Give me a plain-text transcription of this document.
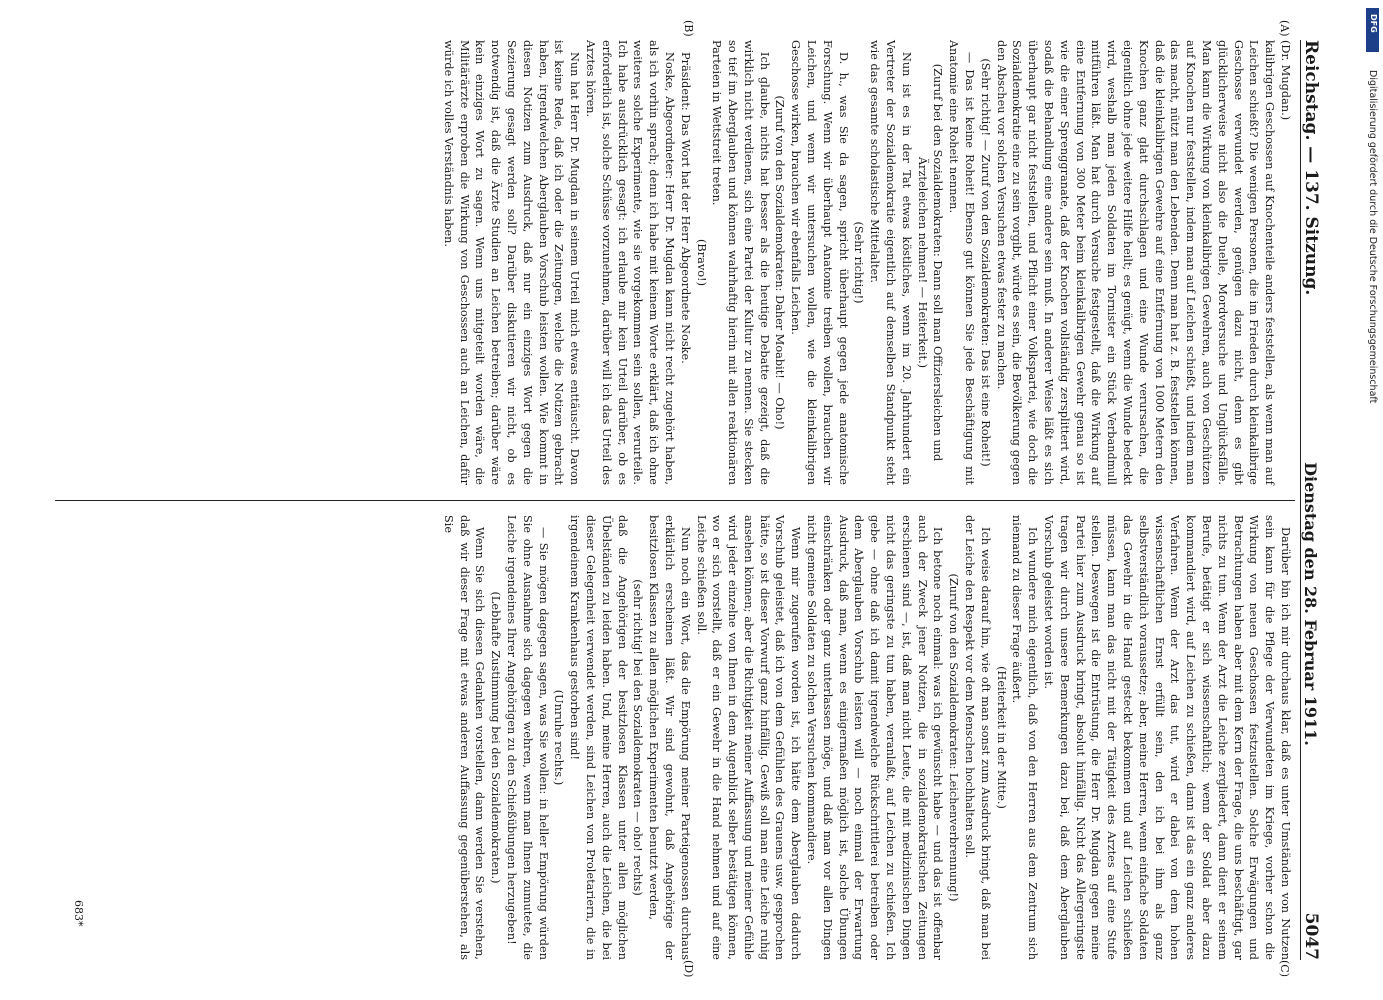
Reichstag. — 137. Sitzung.
Dienstag den 28. Februar 1911.
5047
(A)
(B)
(C)
(D)

(Dr. Mugdan.)

kalibrigen Geschossen auf Knochenteile anders feststellen, als wenn man auf Leichen schießt? Die wenigen Personen, die im Frieden durch kleinkalibrige Geschosse verwundet werden, genügen dazu nicht, denn es gibt glücklicherweise nicht also die Duelle, Mordversuche und Unglücksfälle. Man kann die Wirkung von kleinkalibrigen Gewehren, auch von Geschützen auf Knochen nur feststellen, indem man auf Leichen schießt, und indem man das macht, nützt man den Lebenden. Denn man hat z. B. feststellen können, daß die kleinkalibrigen Gewehre auf eine Entfernung von 1000 Metern den Knochen ganz glatt durchschlagen und eine Wunde verursachen, die eigentlich ohne jede weitere Hilfe heilt; es genügt, wenn die Wunde bedeckt wird, weshalb man jeden Soldaten im Tornister ein Stück Verbandmull mitführen läßt. Man hat durch Versuche festgestellt, daß die Wirkung auf eine Entfernung von 300 Meter beim kleinkalibrigen Gewehr genau so ist wie die einer Sprenggranate, daß der Knochen vollständig zersplittert wird, sodaß die Behandlung eine andere sein muß. In anderer Weise läßt es sich überhaupt gar nicht feststellen, und Pflicht einer Volkspartei, wie doch die Sozialdemokratie eine zu sein vorgibt, würde es sein, die Bevölkerung gegen den Abscheu vor solchen Versuchen etwas fester zu machen.

(Sehr richtig! — Zuruf von den Sozialdemokraten: Das ist eine Roheit!)

— Das ist keine Roheit! Ebenso gut können Sie jede Beschäftigung mit Anatomie eine Roheit nennen.

(Zuruf bei den Sozialdemokraten: Dann soll man Offiziersleichen und Ärzteleichen nehmen! — Heiterkeit.)

Nun ist es in der Tat etwas köstliches, wenn im 20. Jahrhundert ein Vertreter der Sozialdemokratie eigentlich auf demselben Standpunkt steht wie das gesamte scholastische Mittelalter.

(Sehr richtig!)

D. h., was Sie da sagen, spricht überhaupt gegen jede anatomische Forschung. Wenn wir überhaupt Anatomie treiben wollen, brauchen wir Leichen, und wenn wir untersuchen wollen, wie die kleinkalibrigen Geschosse wirken, brauchen wir ebenfalls Leichen.

(Zuruf von den Sozialdemokraten: Daher Moabit! — Oho!)

Ich glaube, nichts hat besser als die heutige Debatte gezeigt, daß die wirklich nicht verdienen, sich eine Partei der Kultur zu nennen. Sie stecken so tief im Aberglauben und können wahrhaftig hierin mit allen reaktionären Parteien in Wettstreit treten.

(Bravo!)

Präsident: Das Wort hat der Herr Abgeordnete Noske.

Noske, Abgeordneter: Herr Dr. Mugdan kann nicht recht zugehört haben, als ich vorhin sprach; denn ich habe mit keinem Worte erklärt, daß ich ohne weiteres solche Experimente, wie sie vorgekommen sein sollen, verurteile. Ich habe ausdrücklich gesagt: ich erlaube mir kein Urteil darüber, ob es erforderlich ist, solche Schüsse vorzunehmen, darüber will ich das Urteil des Arztes hören.

Nun hat Herr Dr. Mugdan in seinem Urteil mich etwas enttäuscht. Davon ist keine Rede, daß ich oder die Zeitungen, welche die Notizen gebracht haben, irgendwelchen Aberglauben Vorschub leisten wollen. Wie kommt in diesen Notizen zum Ausdruck, daß nur ein einziges Wort gegen die Sezierung gesagt werden soll? Darüber diskutieren wir nicht, ob es notwendig ist, daß die Ärzte Studien an Leichen betreiben; darüber wäre kein einziges Wort zu sagen. Wenn uns mitgeteilt worden wäre, die Militärärzte erproben die Wirkung von Geschossen auch an Leichen, dafür würde ich volles Verständnis haben.

Darüber bin ich mir durchaus klar, daß es unter Umständen von Nutzen sein kann für die Pflege der Verwundeten im Kriege, vorher schon die Wirkung von neuen Geschossen festzustellen. Solche Erwägungen und Betrachtungen haben aber mit dem Kern der Frage, die uns beschäftigt, gar nichts zu tun. Wenn der Arzt die Leiche zergliedert, dann dient er seinem Berufe, betätigt er sich wissenschaftlich; wenn der Soldat aber dazu kommandiert wird, auf Leichen zu schießen, dann ist das ein ganz anderes Verfahren. Wenn der Arzt das tut, wird er dabei von dem hohen wissenschaftlichen Ernst erfüllt sein, den ich bei ihm als ganz selbstverständlich voraussetze; aber, meine Herren, wenn einfache Soldaten das Gewehr in die Hand gesteckt bekommen und auf Leichen schießen müssen, kann man das nicht mit der Tätigkeit des Arztes auf eine Stufe stellen. Deswegen ist die Entrüstung, die Herr Dr. Mugdan gegen meine Partei hier zum Ausdruck bringt, absolut hinfällig. Nicht das Allergeringste tragen wir durch unsere Bemerkungen dazu bei, daß dem Aberglauben Vorschub geleistet worden ist.

Ich wundere mich eigentlich, daß von den Herren aus dem Zentrum sich niemand zu dieser Frage äußert.

(Heiterkeit in der Mitte.)

Ich weise darauf hin, wie oft man sonst zum Ausdruck bringt, daß man bei der Leiche den Respekt vor dem Menschen hochhalten soll.

(Zuruf von den Sozialdemokraten: Leichenverbrennung!)

Ich betone noch einmal: was ich gewünscht habe — und das ist offenbar auch der Zweck jener Notizen, die in sozialdemokratischen Zeitungen erschienen sind —, ist, daß man nicht Leute, die mit medizinischen Dingen nicht das geringste zu tun haben, veranlaßt, auf Leichen zu schießen. Ich gebe — ohne daß ich damit irgendwelche Rückschrittlerei betreiben oder dem Aberglauben Vorschub leisten will — noch einmal der Erwartung Ausdruck, daß man, wenn es einigermaßen möglich ist, solche Übungen einschränken oder ganz unterlassen möge, und daß man vor allen Dingen nicht gemeine Soldaten zu solchen Versuchen kommandiere.

Wenn mir zugerufen worden ist, ich hätte dem Aberglauben dadurch Vorschub geleistet, daß ich von dem Gefühlen des Grauens usw. gesprochen hätte, so ist dieser Vorwurf ganz hinfällig. Gewiß soll man eine Leiche ruhig ansehen können; aber die Richtigkeit meiner Auffassung und meiner Gefühle wird jeder einzelne von Ihnen in dem Augenblick selber bestätigen können, wo er sich vorstellt, daß er ein Gewehr in die Hand nehmen und auf eine Leiche schießen soll.

Nun noch ein Wort, das die Empörung meiner Parteigenossen durchaus erklärlich erscheinen läßt. Wir sind gewohnt, daß Angehörige der besitzlosen Klassen zu allen möglichen Experimenten benutzt werden,

(sehr richtig! bei den Sozialdemokraten — oho! rechts)

daß die Angehörigen der besitzlosen Klassen unter allen möglichen Übelständen zu leiden haben. Und, meine Herren, auch die Leichen, die bei dieser Gelegenheit verwendet werden, sind Leichen von Proletariern, die in irgendeinem Krankenhaus gestorben sind!

(Unruhe rechts.)

— Sie mögen dagegen sagen, was Sie wollen: in heller Empörung würden Sie ohne Ausnahme sich dagegen wehren, wenn man Ihnen zumutete, die Leiche irgendeines Ihrer Angehörigen zu den Schießübungen herzugeben!

(Lebhafte Zustimmung bei den Sozialdemokraten.)

Wenn Sie sich diesen Gedanken vorstellen, dann werden Sie verstehen, daß wir dieser Frage mit etwas anderen Auffassung gegenüberstehen, als Sie

683*
DFG
Digitalisierung gefördert durch die Deutsche Forschungsgemeinschaft
